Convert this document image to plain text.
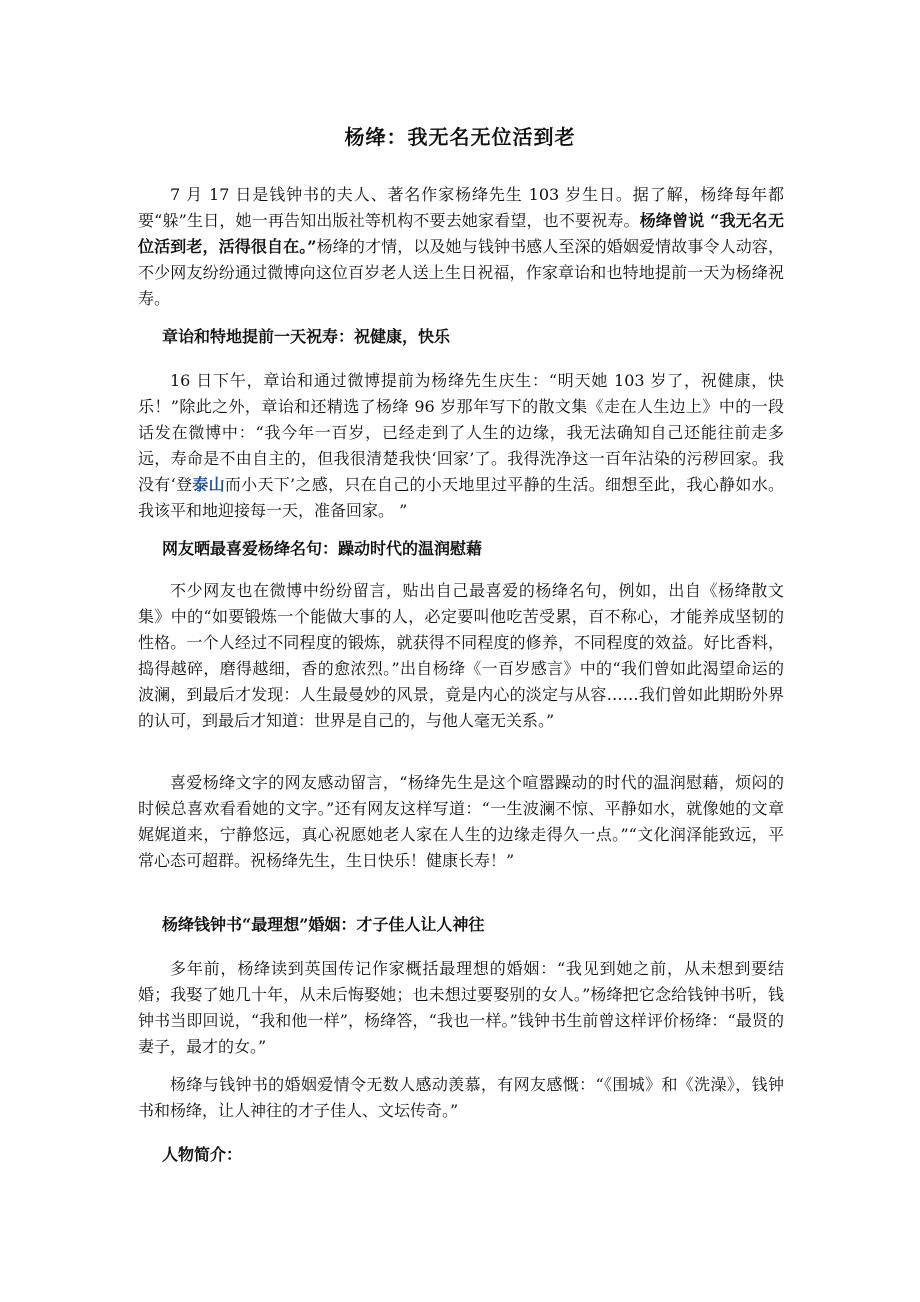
杨绛：我无名无位活到老

7 月 17 日是钱钟书的夫人、著名作家杨绛先生 103 岁生日。据了解，杨绛每年都要“躲”生日，她一再告知出版社等机构不要去她家看望，也不要祝寿。杨绛曾说 “我无名无位活到老，活得很自在。”杨绛的才情，以及她与钱钟书感人至深的婚姻爱情故事令人动容，不少网友纷纷通过微博向这位百岁老人送上生日祝福，作家章诒和也特地提前一天为杨绛祝寿。

章诒和特地提前一天祝寿：祝健康，快乐

16 日下午，章诒和通过微博提前为杨绛先生庆生：“明天她 103 岁了，祝健康，快乐！”除此之外，章诒和还精选了杨绛 96 岁那年写下的散文集《走在人生边上》中的一段话发在微博中：“我今年一百岁，已经走到了人生的边缘，我无法确知自己还能往前走多远，寿命是不由自主的，但我很清楚我快‘回家’了。我得洗净这一百年沾染的污秽回家。我没有‘登泰山而小天下’之感，只在自己的小天地里过平静的生活。细想至此，我心静如水。我该平和地迎接每一天，准备回家。 ”

网友晒最喜爱杨绛名句：躁动时代的温润慰藉

不少网友也在微博中纷纷留言，贴出自己最喜爱的杨绛名句，例如，出自《杨绛散文集》中的“如要锻炼一个能做大事的人，必定要叫他吃苦受累，百不称心，才能养成坚韧的性格。一个人经过不同程度的锻炼，就获得不同程度的修养，不同程度的效益。好比香料，捣得越碎，磨得越细，香的愈浓烈。”出自杨绛《一百岁感言》中的“我们曾如此渴望命运的波澜，到最后才发现：人生最曼妙的风景，竟是内心的淡定与从容……我们曾如此期盼外界的认可，到最后才知道：世界是自己的，与他人毫无关系。”

喜爱杨绛文字的网友感动留言，“杨绛先生是这个喧嚣躁动的时代的温润慰藉，烦闷的时候总喜欢看看她的文字。”还有网友这样写道：“一生波澜不惊、平静如水，就像她的文章娓娓道来，宁静悠远，真心祝愿她老人家在人生的边缘走得久一点。”“文化润泽能致远，平常心态可超群。祝杨绛先生，生日快乐！健康长寿！”

杨绛钱钟书“最理想”婚姻：才子佳人让人神往

多年前，杨绛读到英国传记作家概括最理想的婚姻：“我见到她之前，从未想到要结婚；我娶了她几十年，从未后悔娶她；也未想过要娶别的女人。”杨绛把它念给钱钟书听，钱钟书当即回说，“我和他一样”，杨绛答，“我也一样。”钱钟书生前曾这样评价杨绛：“最贤的妻子，最才的女。”

杨绛与钱钟书的婚姻爱情令无数人感动羡慕，有网友感慨：“《围城》和《洗澡》，钱钟书和杨绛，让人神往的才子佳人、文坛传奇。”

人物简介：
